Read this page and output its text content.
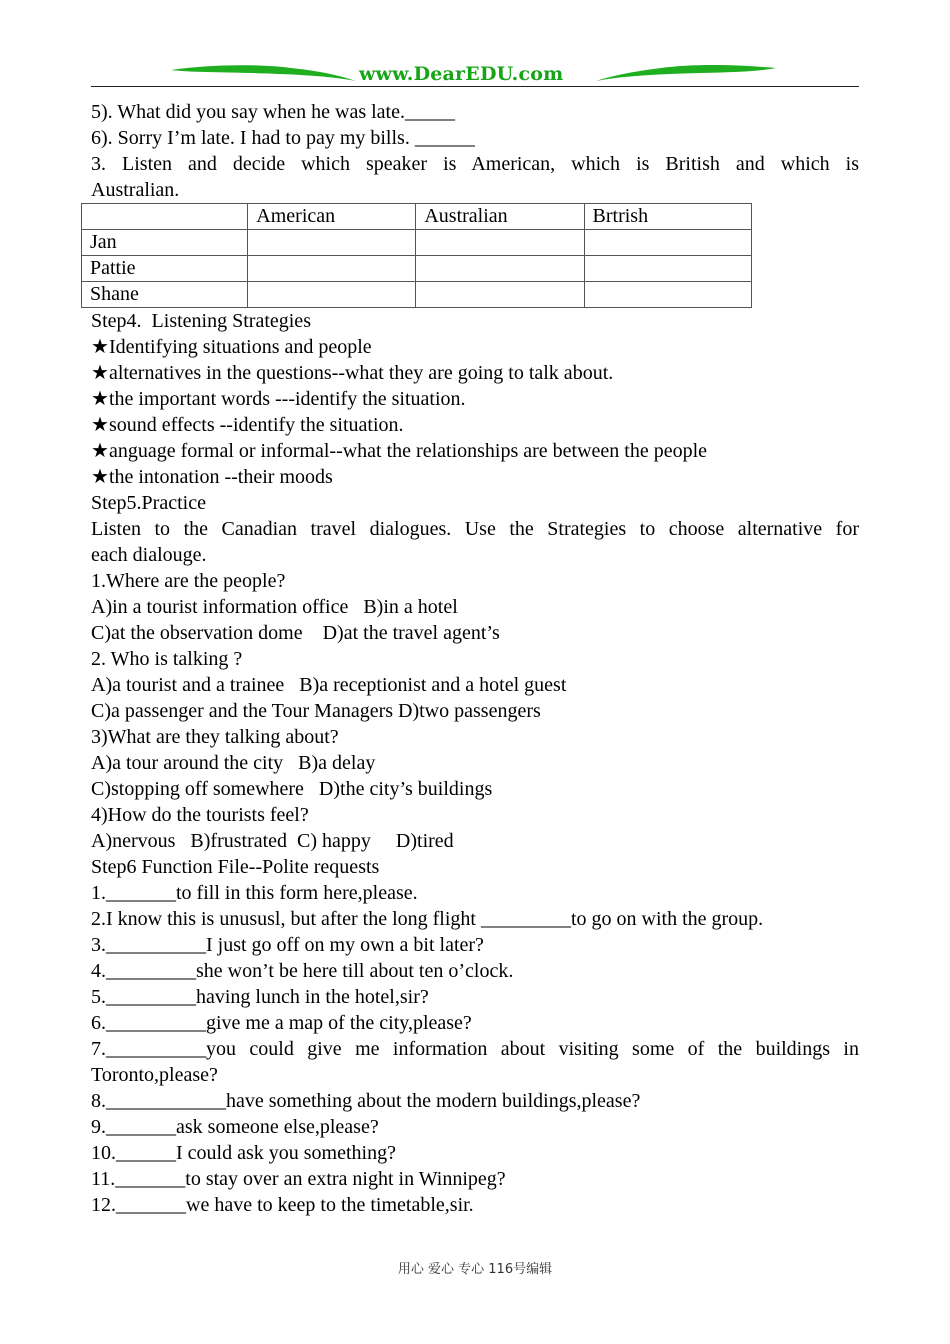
www.DearEDU.com
5). What did you say when he was late._____
6). Sorry I’m late. I had to pay my bills. ______
3. Listen and decide which speaker is American, which is British and which is
Australian.
	American	Australian	Brtrish
Jan			
Pattie			
Shane			
Step4.  Listening Strategies
★Identifying situations and people
★alternatives in the questions--what they are going to talk about.
★the important words ---identify the situation.
★sound effects --identify the situation.
★anguage formal or informal--what the relationships are between the people
★the intonation --their moods
Step5.Practice
Listen to the Canadian travel dialogues. Use the Strategies to choose alternative for
each dialouge.
1.Where are the people?
A)in a tourist information office   B)in a hotel
C)at the observation dome    D)at the travel agent’s
2. Who is talking ?
A)a tourist and a trainee   B)a receptionist and a hotel guest
C)a passenger and the Tour Managers D)two passengers
3)What are they talking about?
A)a tour around the city   B)a delay
C)stopping off somewhere   D)the city’s buildings
4)How do the tourists feel?
A)nervous   B)frustrated  C) happy     D)tired
Step6 Function File--Polite requests
1._______to fill in this form here,please.
2.I know this is unususl, but after the long flight _________to go on with the group.
3.__________I just go off on my own a bit later?
4._________she won’t be here till about ten o’clock.
5._________having lunch in the hotel,sir?
6.__________give me a map of the city,please?
7.__________you could give me information about visiting some of the buildings in
Toronto,please?
8.____________have something about the modern buildings,please?
9._______ask someone else,please?
10.______I could ask you something?
11._______to stay over an extra night in Winnipeg?
12._______we have to keep to the timetable,sir.
用心 爱心 专心 116号编辑
